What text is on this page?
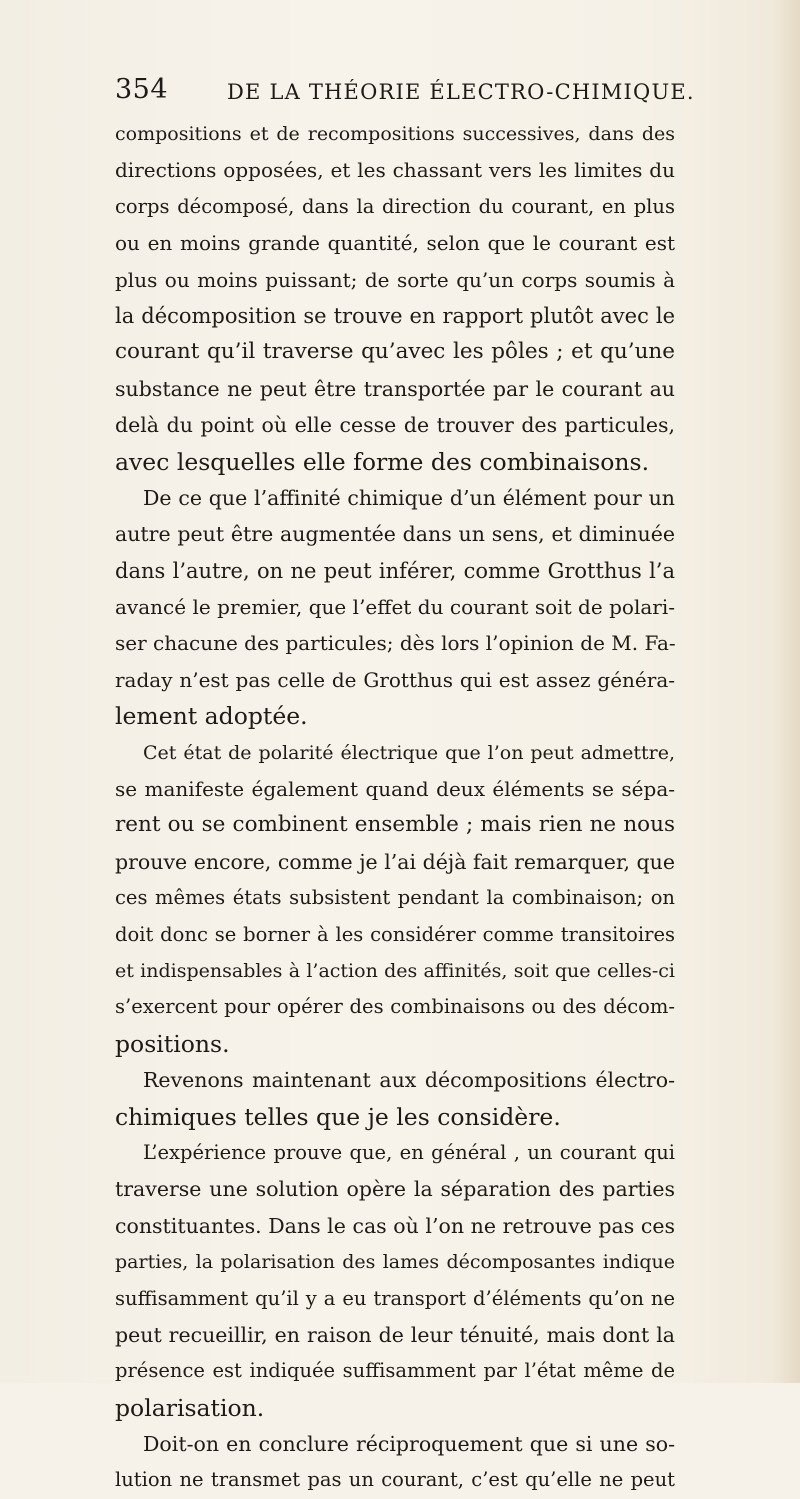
354	DE LA THÉORIE ÉLECTRO-CHIMIQUE.
compositions et de recompositions successives, dans des
directions opposées, et les chassant vers les limites du
corps décomposé, dans la direction du courant, en plus
ou en moins grande quantité, selon que le courant est
plus ou moins puissant; de sorte qu’un corps soumis à
la décomposition se trouve en rapport plutôt avec le
courant qu’il traverse qu’avec les pôles ; et qu’une
substance ne peut être transportée par le courant au
delà du point où elle cesse de trouver des particules,
avec lesquelles elle forme des combinaisons.
De ce que l’affinité chimique d’un élément pour un
autre peut être augmentée dans un sens, et diminuée
dans l’autre, on ne peut inférer, comme Grotthus l’a
avancé le premier, que l’effet du courant soit de polari-
ser chacune des particules; dès lors l’opinion de M. Fa-
raday n’est pas celle de Grotthus qui est assez généra-
lement adoptée.
Cet état de polarité électrique que l’on peut admettre,
se manifeste également quand deux éléments se sépa-
rent ou se combinent ensemble ; mais rien ne nous
prouve encore, comme je l’ai déjà fait remarquer, que
ces mêmes états subsistent pendant la combinaison; on
doit donc se borner à les considérer comme transitoires
et indispensables à l’action des affinités, soit que celles-ci
s’exercent pour opérer des combinaisons ou des décom-
positions.
Revenons maintenant aux décompositions électro-
chimiques telles que je les considère.
L’expérience prouve que, en général , un courant qui
traverse une solution opère la séparation des parties
constituantes. Dans le cas où l’on ne retrouve pas ces
parties, la polarisation des lames décomposantes indique
suffisamment qu’il y a eu transport d’éléments qu’on ne
peut recueillir, en raison de leur ténuité, mais dont la
présence est indiquée suffisamment par l’état même de
polarisation.
Doit-on en conclure réciproquement que si une so-
lution ne transmet pas un courant, c’est qu’elle ne peut
